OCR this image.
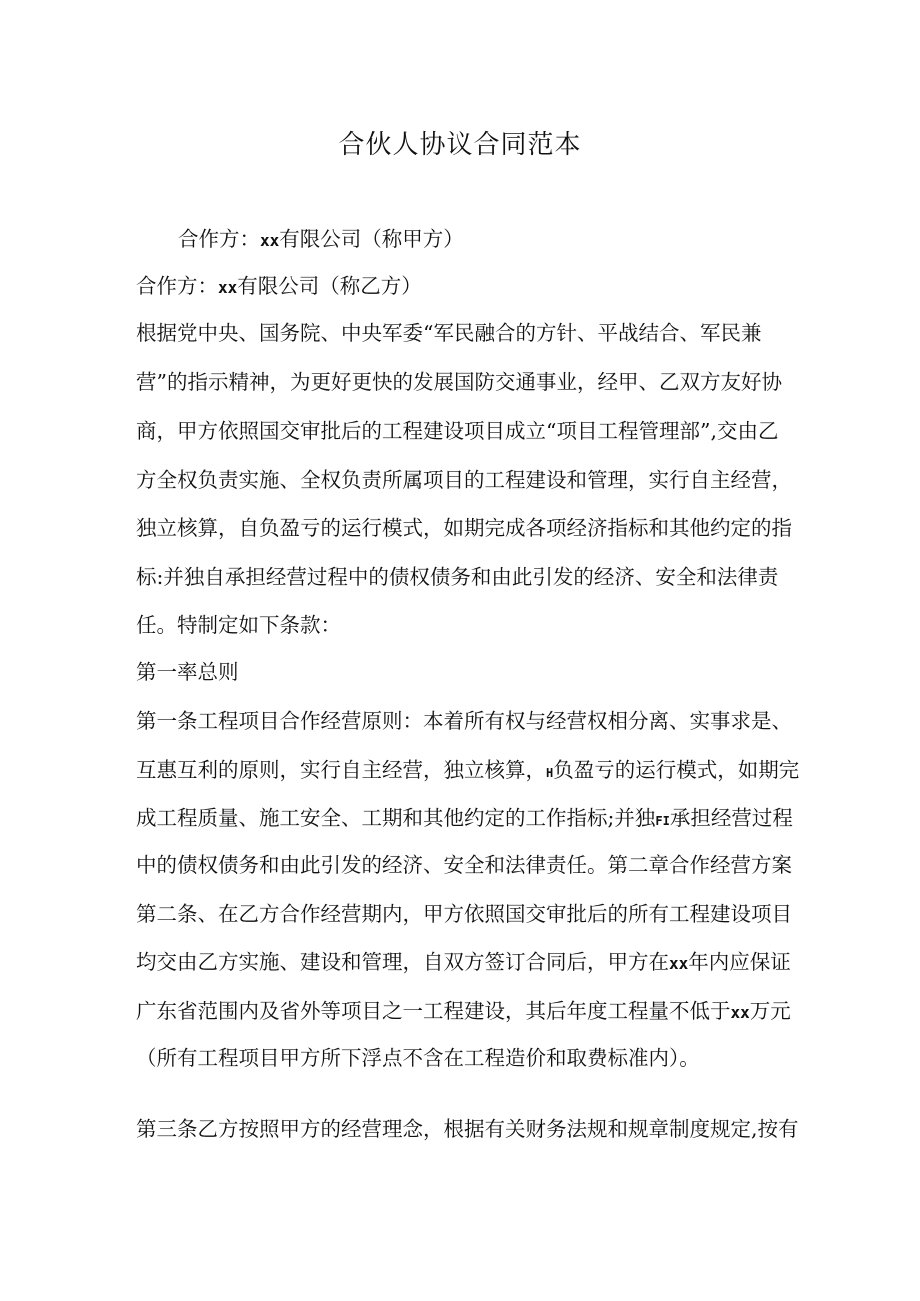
合伙人协议合同范本
合作方：xx有限公司（称甲方）
合作方：xx有限公司（称乙方）
根据党中央、国务院、中央军委“军民融合的方针、平战结合、军民兼
营”的指示精神，为更好更快的发展国防交通事业，经甲、乙双方友好协
商，甲方依照国交审批后的工程建设项目成立“项目工程管理部”,交由乙
方全权负责实施、全权负责所属项目的工程建设和管理，实行自主经营，
独立核算，自负盈亏的运行模式，如期完成各项经济指标和其他约定的指
标:并独自承担经营过程中的债权债务和由此引发的经济、安全和法律责
任。特制定如下条款：
第一率总则
第一条工程项目合作经营原则：本着所有权与经营权相分离、实事求是、
互惠互利的原则，实行自主经营，独立核算，H负盈亏的运行模式，如期完
成工程质量、施工安全、工期和其他约定的工作指标;并独FI承担经营过程
中的债权债务和由此引发的经济、安全和法律责任。第二章合作经营方案
第二条、在乙方合作经营期内，甲方依照国交审批后的所有工程建设项目
均交由乙方实施、建设和管理，自双方签订合同后，甲方在xx年内应保证
广东省范围内及省外等项目之一工程建设，其后年度工程量不低于xx万元
（所有工程项目甲方所下浮点不含在工程造价和取费标准内）。
第三条乙方按照甲方的经营理念，根据有关财务法规和规章制度规定,按有
